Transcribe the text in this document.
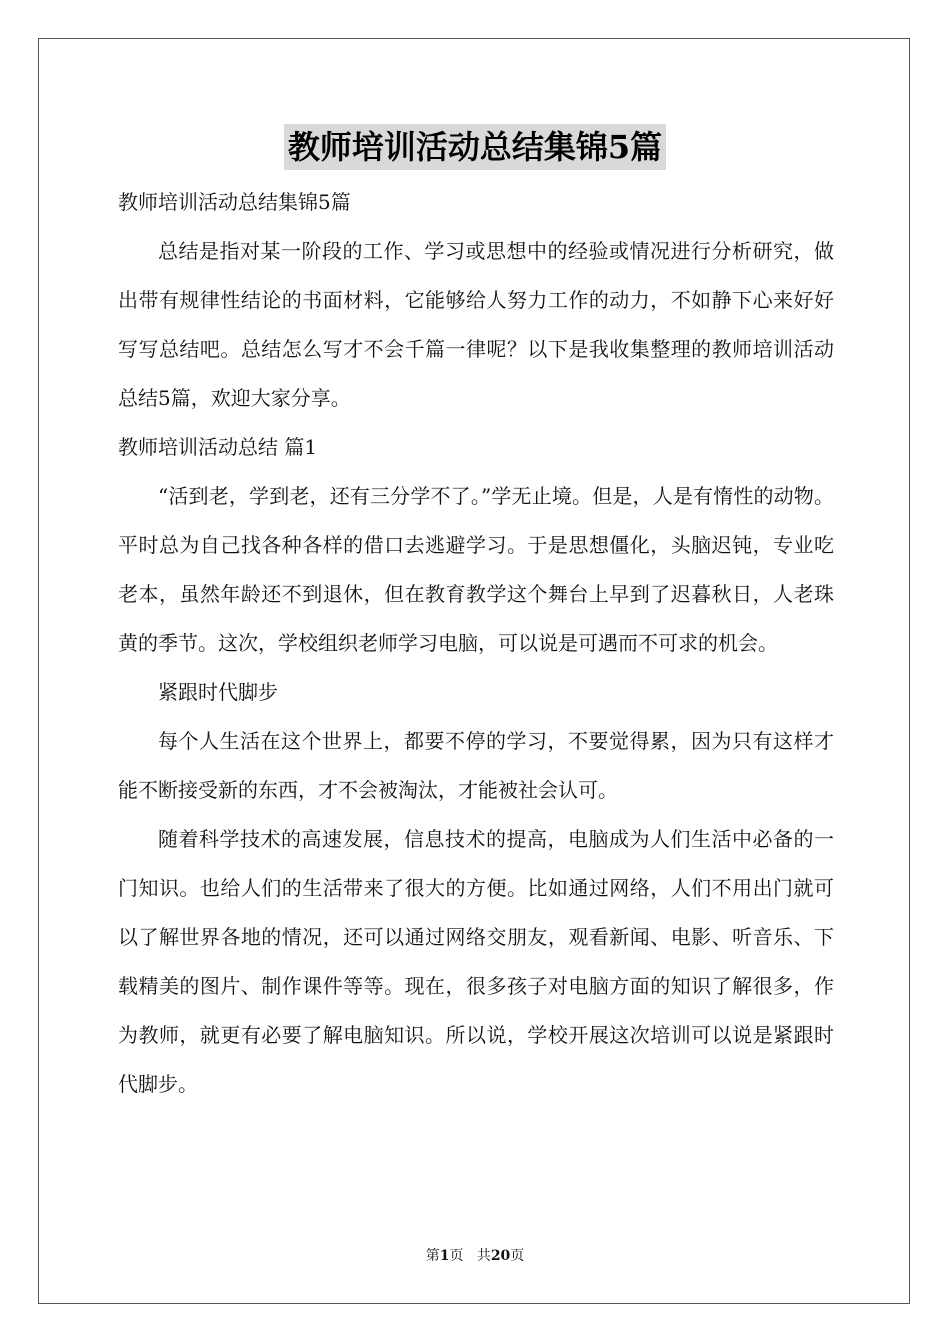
教师培训活动总结集锦5篇
教师培训活动总结集锦5篇
总结是指对某一阶段的工作、学习或思想中的经验或情况进行分析研究，做出带有规律性结论的书面材料，它能够给人努力工作的动力，不如静下心来好好写写总结吧。总结怎么写才不会千篇一律呢？以下是我收集整理的教师培训活动总结5篇，欢迎大家分享。
教师培训活动总结 篇1
“活到老，学到老，还有三分学不了。”学无止境。但是，人是有惰性的动物。平时总为自己找各种各样的借口去逃避学习。于是思想僵化，头脑迟钝，专业吃老本，虽然年龄还不到退休，但在教育教学这个舞台上早到了迟暮秋日，人老珠黄的季节。这次，学校组织老师学习电脑，可以说是可遇而不可求的机会。
紧跟时代脚步
每个人生活在这个世界上，都要不停的学习，不要觉得累，因为只有这样才能不断接受新的东西，才不会被淘汰，才能被社会认可。
随着科学技术的高速发展，信息技术的提高，电脑成为人们生活中必备的一门知识。也给人们的生活带来了很大的方便。比如通过网络，人们不用出门就可以了解世界各地的情况，还可以通过网络交朋友，观看新闻、电影、听音乐、下载精美的图片、制作课件等等。现在，很多孩子对电脑方面的知识了解很多，作为教师，就更有必要了解电脑知识。所以说，学校开展这次培训可以说是紧跟时代脚步。
第1页 共20页
